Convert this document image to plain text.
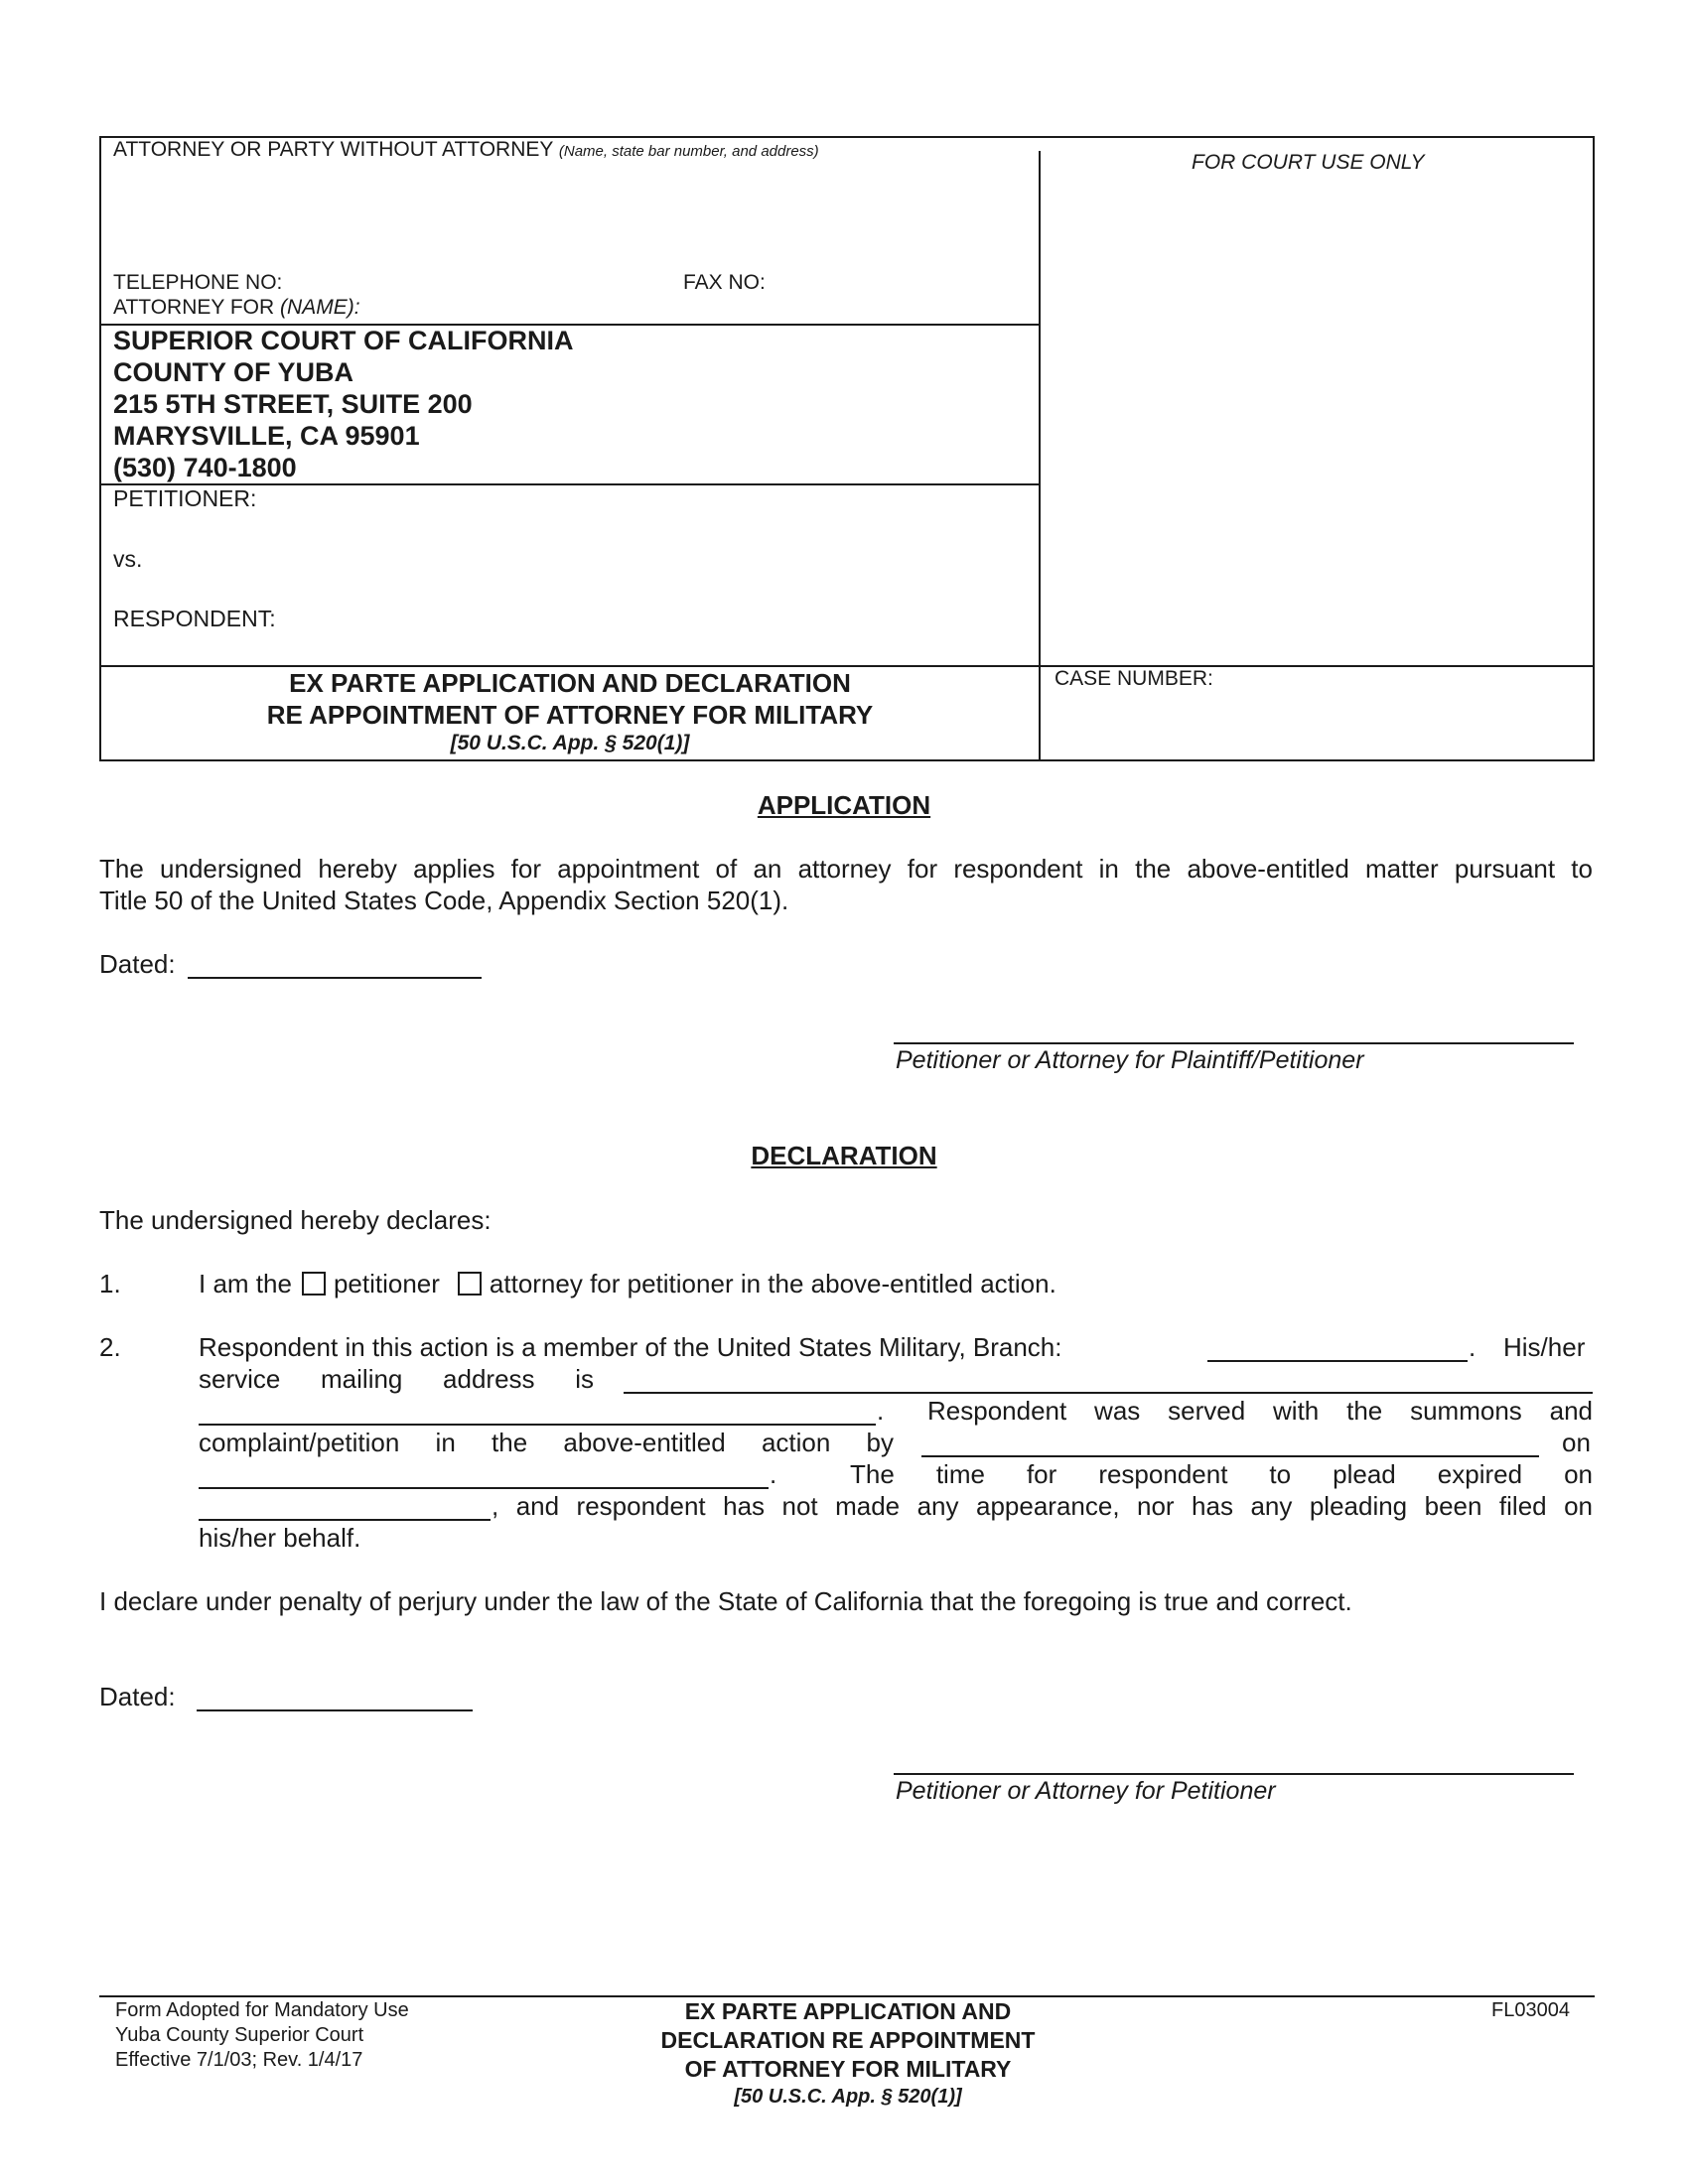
ATTORNEY OR PARTY WITHOUT ATTORNEY (Name, state bar number, and address)	FOR COURT USE ONLY
TELEPHONE NO:	FAX NO:
ATTORNEY FOR (NAME):
SUPERIOR COURT OF CALIFORNIA
COUNTY OF YUBA
215 5TH STREET, SUITE 200
MARYSVILLE, CA 95901
(530) 740-1800
PETITIONER:
vs.
RESPONDENT:
EX PARTE APPLICATION AND DECLARATION
RE APPOINTMENT OF ATTORNEY FOR MILITARY
[50 U.S.C. App. § 520(1)]
CASE NUMBER:
APPLICATION
The undersigned hereby applies for appointment of an attorney for respondent in the above-entitled matter pursuant to
Title 50 of the United States Code, Appendix Section 520(1).
Dated:
Petitioner or Attorney for Plaintiff/Petitioner
DECLARATION
The undersigned hereby declares:
1.	I am the petitioner attorney for petitioner in the above-entitled action.
2.	Respondent in this action is a member of the United States Military, Branch:	. His/her
service mailing address is
. Respondent was served with the summons and
complaint/petition in the above-entitled action by	on
.	The time for respondent to plead expired on
, and respondent has not made any appearance, nor has any pleading been filed on
his/her behalf.
I declare under penalty of perjury under the law of the State of California that the foregoing is true and correct.
Dated:
Petitioner or Attorney for Petitioner
Form Adopted for Mandatory Use
Yuba County Superior Court
Effective 7/1/03; Rev. 1/4/17
EX PARTE APPLICATION AND
DECLARATION RE APPOINTMENT
OF ATTORNEY FOR MILITARY
[50 U.S.C. App. § 520(1)]
FL03004
